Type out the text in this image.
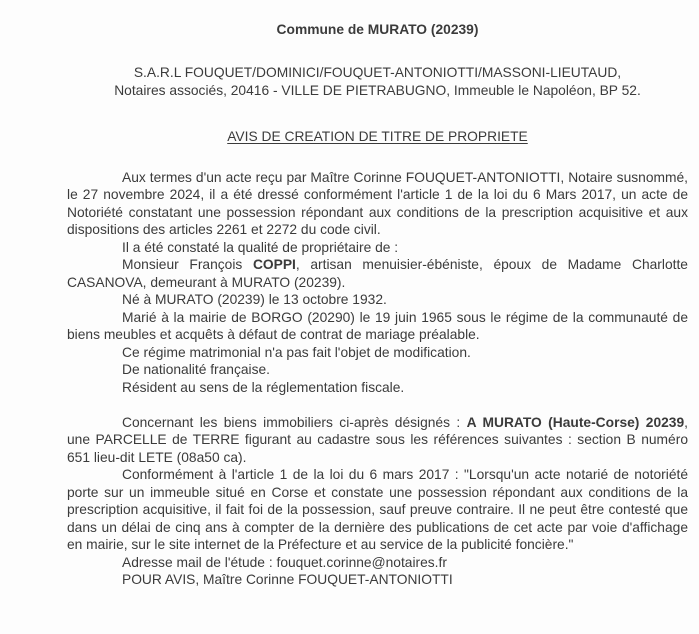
Commune de MURATO (20239)
S.A.R.L FOUQUET/DOMINICI/FOUQUET-ANTONIOTTI/MASSONI-LIEUTAUD,
Notaires associés, 20416 - VILLE DE PIETRABUGNO, Immeuble le Napoléon, BP 52.
AVIS DE CREATION DE TITRE DE PROPRIETE

Aux termes d'un acte reçu par Maître Corinne FOUQUET-ANTONIOTTI, Notaire susnommé, le 27 novembre 2024, il a été dressé conformément l'article 1 de la loi du 6 Mars 2017, un acte de Notoriété constatant une possession répondant aux conditions de la prescription acquisitive et aux dispositions des articles 2261 et 2272 du code civil.

Il a été constaté la qualité de propriétaire de :

Monsieur François COPPI, artisan menuisier-ébéniste, époux de Madame Charlotte CASANOVA, demeurant à MURATO (20239).

Né à MURATO (20239) le 13 octobre 1932.

Marié à la mairie de BORGO (20290) le 19 juin 1965 sous le régime de la communauté de biens meubles et acquêts à défaut de contrat de mariage préalable.

Ce régime matrimonial n'a pas fait l'objet de modification.

De nationalité française.

Résident au sens de la réglementation fiscale.

Concernant les biens immobiliers ci-après désignés : A MURATO (Haute-Corse) 20239, une PARCELLE de TERRE figurant au cadastre sous les références suivantes : section B numéro 651 lieu-dit LETE (08a50 ca).

Conformément à l'article 1 de la loi du 6 mars 2017 : "Lorsqu'un acte notarié de notoriété porte sur un immeuble situé en Corse et constate une possession répondant aux conditions de la prescription acquisitive, il fait foi de la possession, sauf preuve contraire. Il ne peut être contesté que dans un délai de cinq ans à compter de la dernière des publications de cet acte par voie d'affichage en mairie, sur le site internet de la Préfecture et au service de la publicité foncière."

Adresse mail de l'étude : fouquet.corinne@notaires.fr

POUR AVIS, Maître Corinne FOUQUET-ANTONIOTTI
